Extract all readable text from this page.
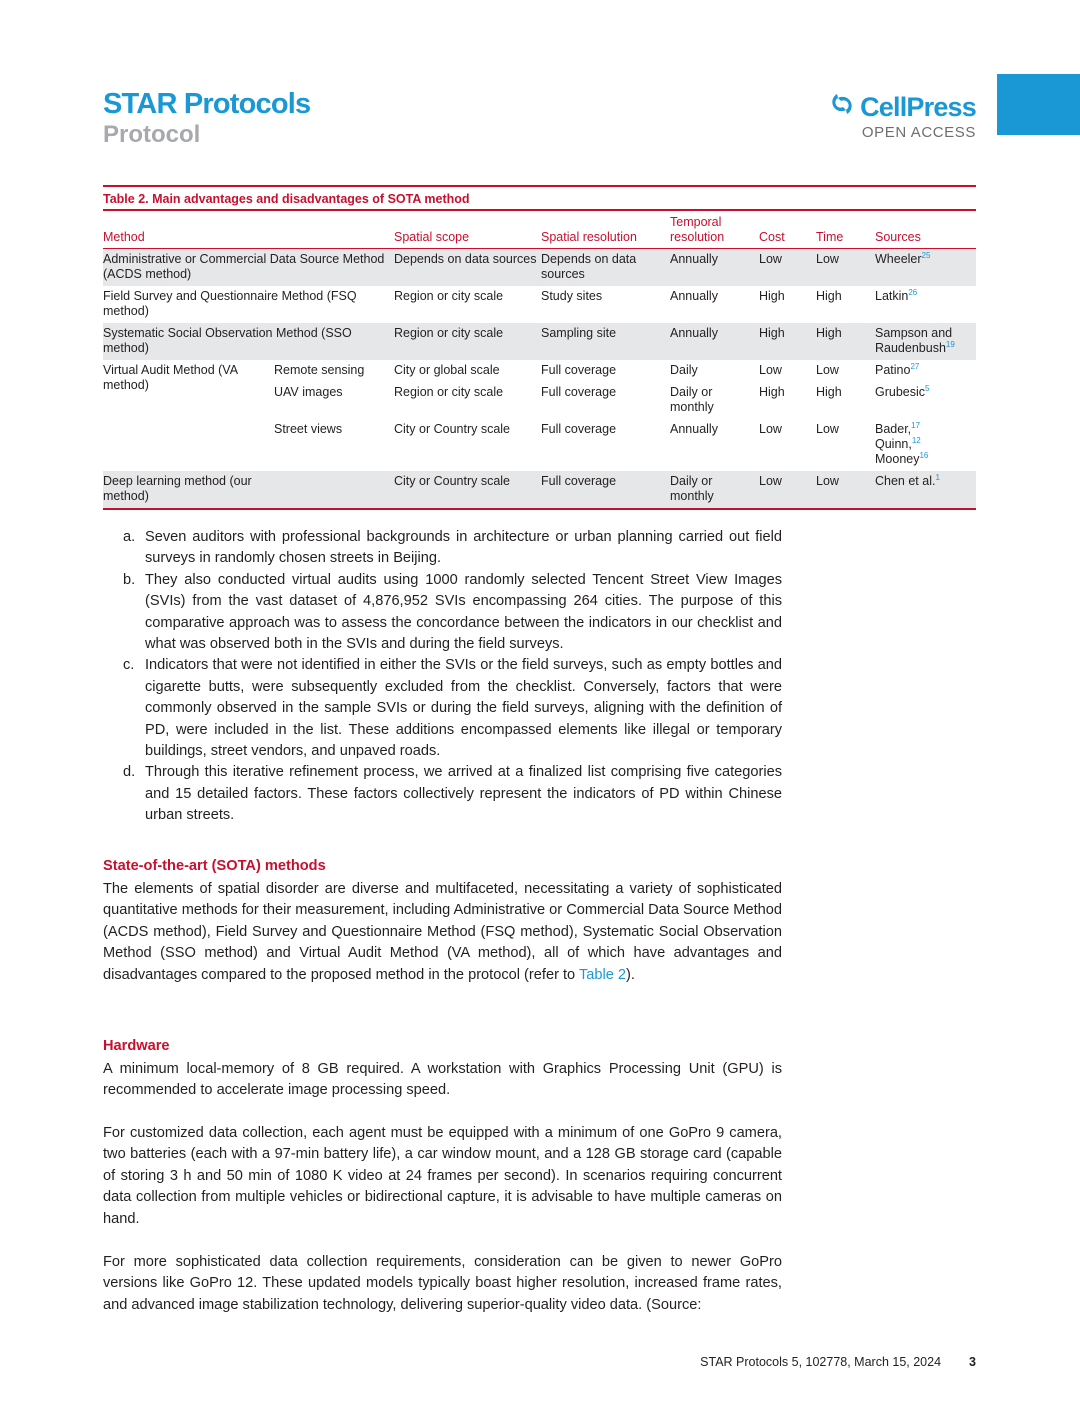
STAR Protocols
Protocol
CellPress
OPEN ACCESS
Table 2. Main advantages and disadvantages of SOTA method
Method		Spatial scope	Spatial resolution	Temporal resolution	Cost	Time	Sources
Administrative or Commercial Data Source Method (ACDS method)		Depends on data sources	Depends on data sources	Annually	Low	Low	Wheeler$^{25}$
Field Survey and Questionnaire Method (FSQ method)		Region or city scale	Study sites	Annually	High	High	Latkin$^{26}$
Systematic Social Observation Method (SSO method)		Region or city scale	Sampling site	Annually	High	High	Sampson and Raudenbush$^{19}$
Virtual Audit Method (VA method)	Remote sensing	City or global scale	Full coverage	Daily	Low	Low	Patino$^{27}$
	UAV images	Region or city scale	Full coverage	Daily or monthly	High	High	Grubesic$^5$
	Street views	City or Country scale	Full coverage	Annually	Low	Low	Bader,$^{17}$
Quinn,$^{12}$
Mooney$^{16}$
Deep learning method (our method)		City or Country scale	Full coverage	Daily or monthly	Low	Low	Chen et al.$^1$
a. Seven auditors with professional backgrounds in architecture or urban planning carried out field surveys in randomly chosen streets in Beijing.
b. They also conducted virtual audits using 1000 randomly selected Tencent Street View Images (SVIs) from the vast dataset of 4,876,952 SVIs encompassing 264 cities. The purpose of this comparative approach was to assess the concordance between the indicators in our checklist and what was observed both in the SVIs and during the field surveys.
c. Indicators that were not identified in either the SVIs or the field surveys, such as empty bottles and cigarette butts, were subsequently excluded from the checklist. Conversely, factors that were commonly observed in the sample SVIs or during the field surveys, aligning with the definition of PD, were included in the list. These additions encompassed elements like illegal or temporary buildings, street vendors, and unpaved roads.
d. Through this iterative refinement process, we arrived at a finalized list comprising five categories and 15 detailed factors. These factors collectively represent the indicators of PD within Chinese urban streets.
State-of-the-art (SOTA) methods
The elements of spatial disorder are diverse and multifaceted, necessitating a variety of sophisticated quantitative methods for their measurement, including Administrative or Commercial Data Source Method (ACDS method), Field Survey and Questionnaire Method (FSQ method), Systematic Social Observation Method (SSO method) and Virtual Audit Method (VA method), all of which have advantages and disadvantages compared to the proposed method in the protocol (refer to Table 2).
Hardware
A minimum local-memory of 8 GB required. A workstation with Graphics Processing Unit (GPU) is recommended to accelerate image processing speed.
For customized data collection, each agent must be equipped with a minimum of one GoPro 9 camera, two batteries (each with a 97-min battery life), a car window mount, and a 128 GB storage card (capable of storing 3 h and 50 min of 1080 K video at 24 frames per second). In scenarios requiring concurrent data collection from multiple vehicles or bidirectional capture, it is advisable to have multiple cameras on hand.
For more sophisticated data collection requirements, consideration can be given to newer GoPro versions like GoPro 12. These updated models typically boast higher resolution, increased frame rates, and advanced image stabilization technology, delivering superior-quality video data. (Source:
STAR Protocols 5, 102778, March 15, 2024 3
